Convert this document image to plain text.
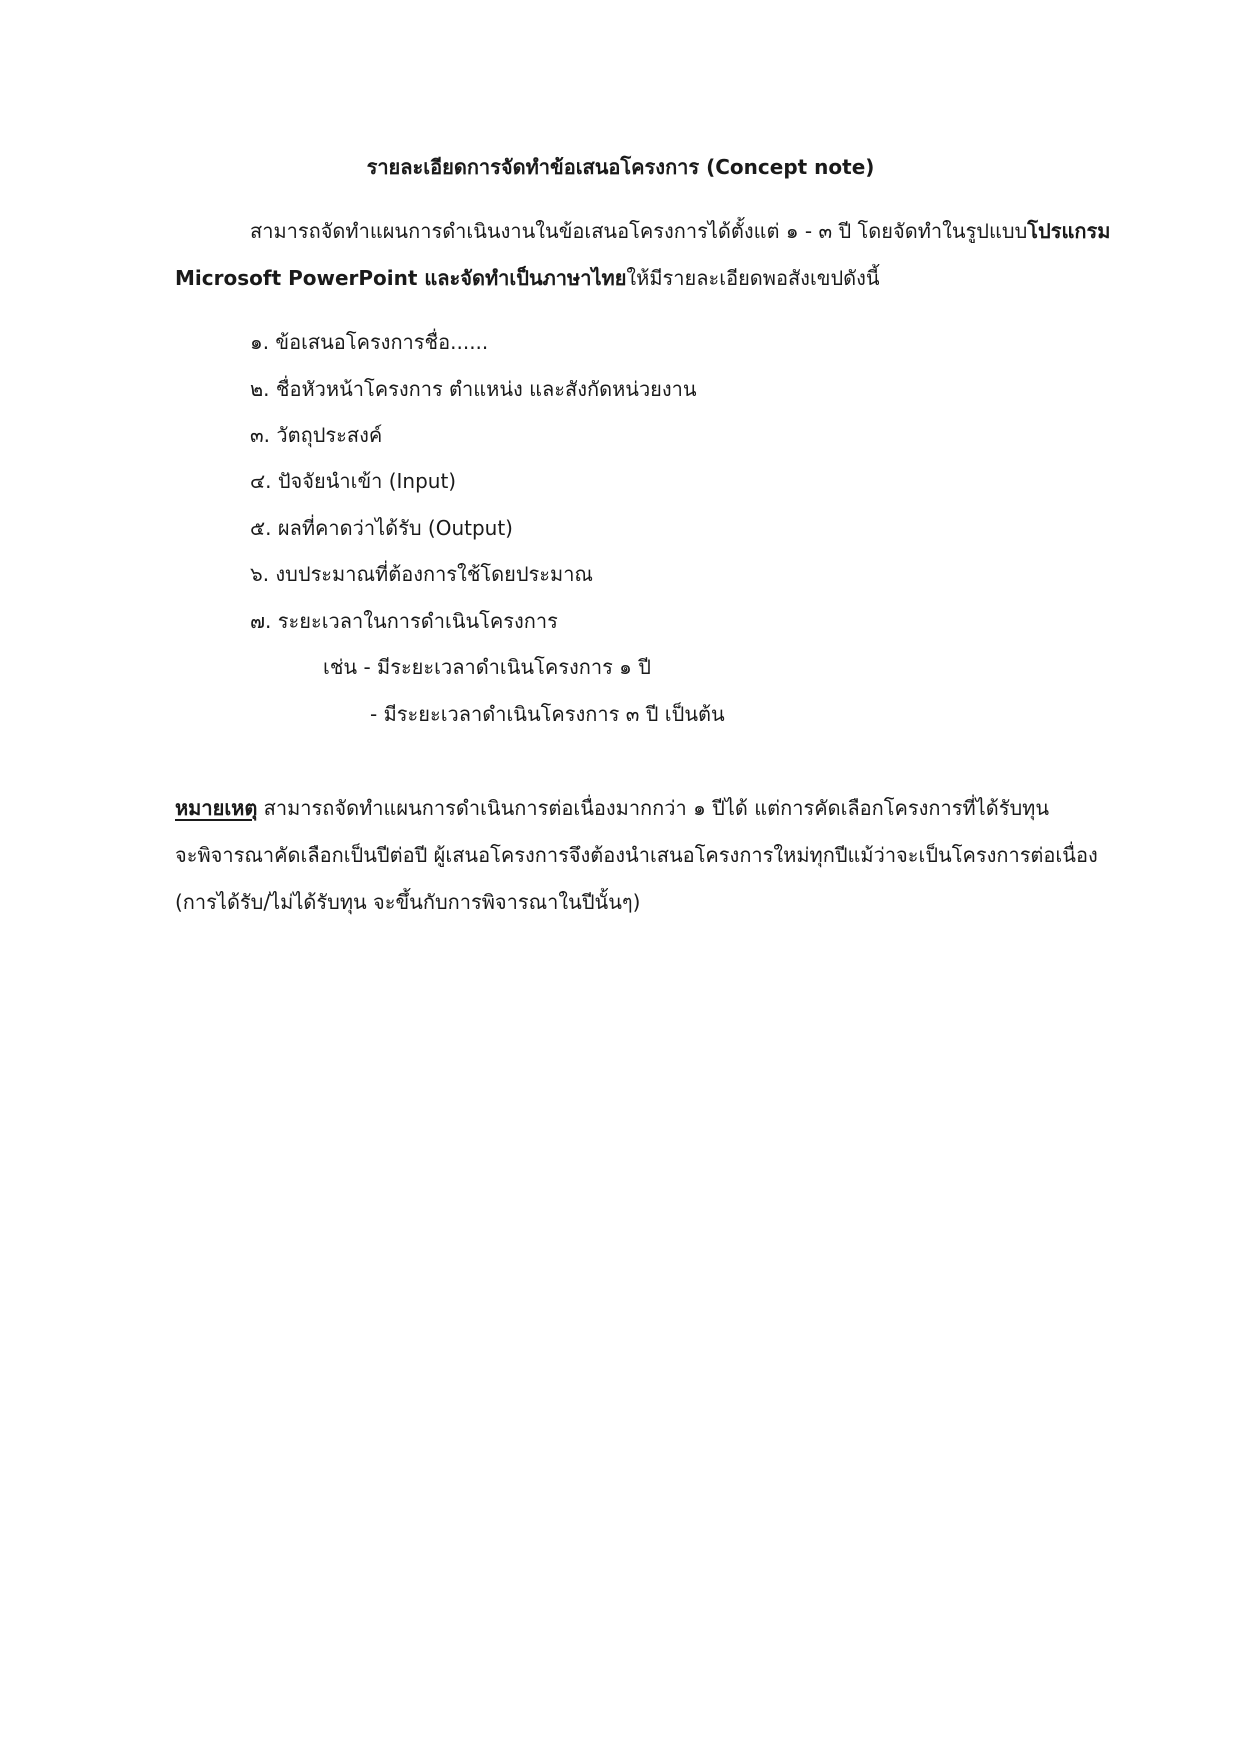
รายละเอียดการจัดทำข้อเสนอโครงการ (Concept note)
สามารถจัดทำแผนการดำเนินงานในข้อเสนอโครงการได้ตั้งแต่ ๑ - ๓ ปี โดยจัดทำในรูปแบบโปรแกรม
Microsoft PowerPoint และจัดทำเป็นภาษาไทยให้มีรายละเอียดพอสังเขปดังนี้
๑. ข้อเสนอโครงการชื่อ......
๒. ชื่อหัวหน้าโครงการ ตำแหน่ง และสังกัดหน่วยงาน
๓. วัตถุประสงค์
๔. ปัจจัยนำเข้า (Input)
๕. ผลที่คาดว่าได้รับ (Output)
๖. งบประมาณที่ต้องการใช้โดยประมาณ
๗. ระยะเวลาในการดำเนินโครงการ
เช่น - มีระยะเวลาดำเนินโครงการ ๑ ปี
- มีระยะเวลาดำเนินโครงการ ๓ ปี เป็นต้น
หมายเหตุ สามารถจัดทำแผนการดำเนินการต่อเนื่องมากกว่า ๑ ปีได้ แต่การคัดเลือกโครงการที่ได้รับทุน
จะพิจารณาคัดเลือกเป็นปีต่อปี ผู้เสนอโครงการจึงต้องนำเสนอโครงการใหม่ทุกปีแม้ว่าจะเป็นโครงการต่อเนื่อง
(การได้รับ/ไม่ได้รับทุน จะขึ้นกับการพิจารณาในปีนั้นๆ)
